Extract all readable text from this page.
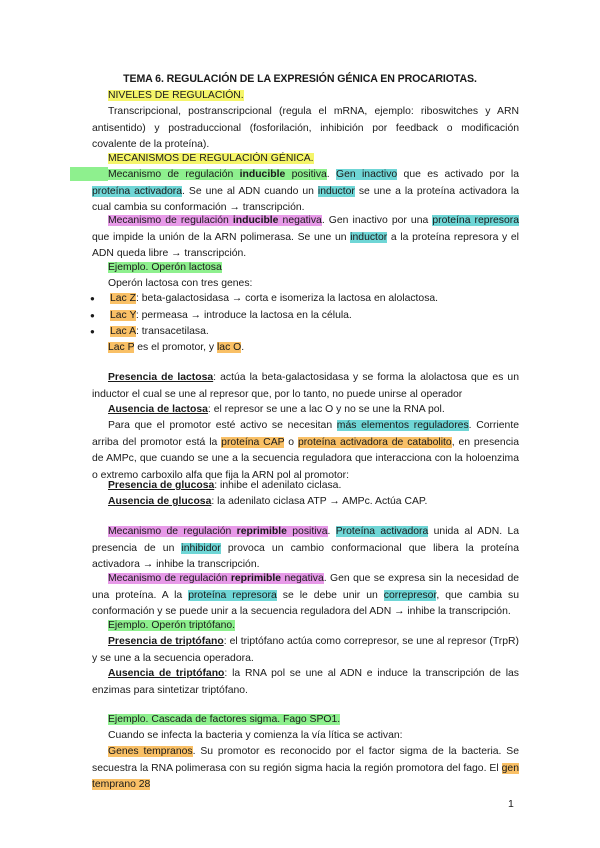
TEMA 6. REGULACIÓN DE LA EXPRESIÓN GÉNICA EN PROCARIOTAS.
NIVELES DE REGULACIÓN.
Transcripcional, postranscripcional (regula el mRNA, ejemplo: riboswitches y ARN antisentido) y postraduccional (fosforilación, inhibición por feedback o modificación covalente de la proteína).
MECANISMOS DE REGULACIÓN GÉNICA.
Mecanismo de regulación inducible positiva. Gen inactivo que es activado por la proteína activadora. Se une al ADN cuando un inductor se une a la proteína activadora la cual cambia su conformación → transcripción.
Mecanismo de regulación inducible negativa. Gen inactivo por una proteína represora que impide la unión de la ARN polimerasa. Se une un inductor a la proteína represora y el ADN queda libre → transcripción.
Ejemplo. Operón lactosa
Operón lactosa con tres genes:
● Lac Z: beta-galactosidasa → corta e isomeriza la lactosa en alolactosa.
● Lac Y: permeasa → introduce la lactosa en la célula.
● Lac A: transacetilasa.
Lac P es el promotor, y lac O.
Presencia de lactosa: actúa la beta-galactosidasa y se forma la alolactosa que es un inductor el cual se une al represor que, por lo tanto, no puede unirse al operador
Ausencia de lactosa: el represor se une a lac O y no se une la RNA pol.
Para que el promotor esté activo se necesitan más elementos reguladores. Corriente arriba del promotor está la proteína CAP o proteína activadora de catabolito, en presencia de AMPc, que cuando se une a la secuencia reguladora que interacciona con la holoenzima o extremo carboxilo alfa que fija la ARN pol al promotor:
Presencia de glucosa: inhibe el adenilato ciclasa.
Ausencia de glucosa: la adenilato ciclasa ATP → AMPc. Actúa CAP.
Mecanismo de regulación reprimible positiva. Proteína activadora unida al ADN. La presencia de un inhibidor provoca un cambio conformacional que libera la proteína activadora → inhibe la transcripción.
Mecanismo de regulación reprimible negativa. Gen que se expresa sin la necesidad de una proteína. A la proteína represora se le debe unir un correpresor, que cambia su conformación y se puede unir a la secuencia reguladora del ADN → inhibe la transcripción.
Ejemplo. Operón triptófano.
Presencia de triptófano: el triptófano actúa como correpresor, se une al represor (TrpR) y se une a la secuencia operadora.
Ausencia de triptófano: la RNA pol se une al ADN e induce la transcripción de las enzimas para sintetizar triptófano.
Ejemplo. Cascada de factores sigma. Fago SPO1.
Cuando se infecta la bacteria y comienza la vía lítica se activan:
Genes tempranos. Su promotor es reconocido por el factor sigma de la bacteria. Se secuestra la RNA polimerasa con su región sigma hacia la región promotora del fago. El gen temprano 28
1
